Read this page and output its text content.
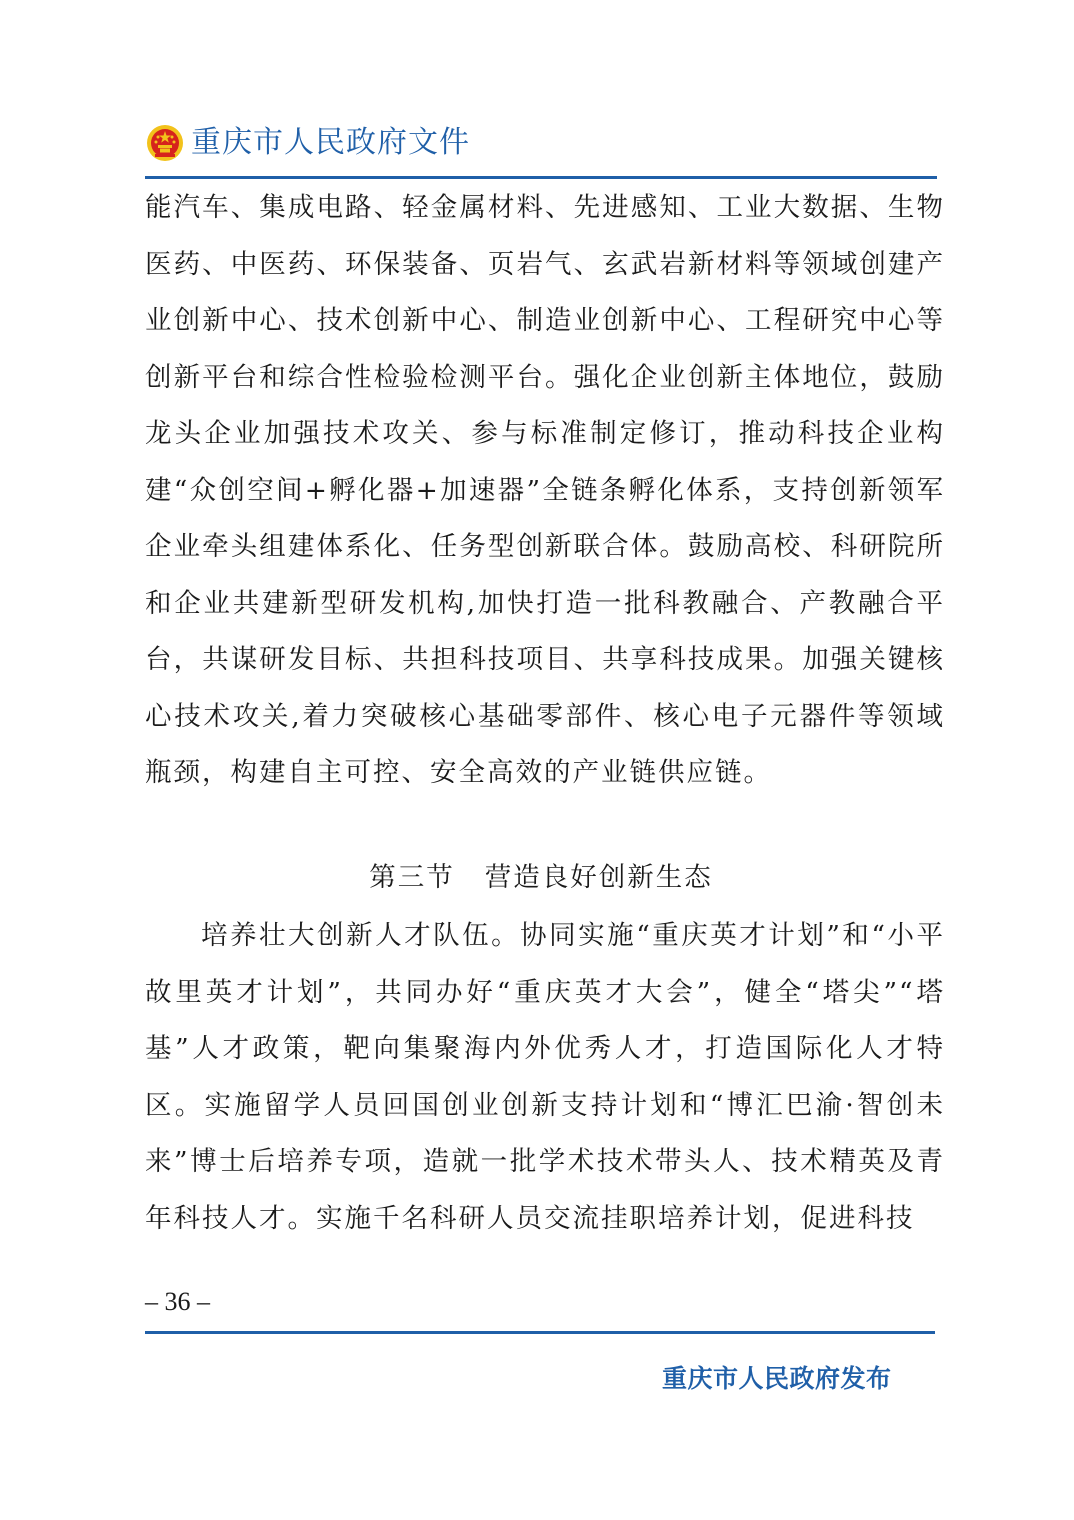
重庆市人民政府文件
能汽车、集成电路、轻金属材料、先进感知、工业大数据、生物医药、中医药、环保装备、页岩气、玄武岩新材料等领域创建产业创新中心、技术创新中心、制造业创新中心、工程研究中心等创新平台和综合性检验检测平台。强化企业创新主体地位，鼓励龙头企业加强技术攻关、参与标准制定修订，推动科技企业构建“众创空间+孵化器+加速器”全链条孵化体系，支持创新领军企业牵头组建体系化、任务型创新联合体。鼓励高校、科研院所和企业共建新型研发机构,加快打造一批科教融合、产教融合平台，共谋研发目标、共担科技项目、共享科技成果。加强关键核心技术攻关,着力突破核心基础零部件、核心电子元器件等领域瓶颈，构建自主可控、安全高效的产业链供应链。
第三节 营造良好创新生态
培养壮大创新人才队伍。协同实施“重庆英才计划”和“小平故里英才计划”，共同办好“重庆英才大会”，健全“塔尖”“塔基”人才政策，靶向集聚海内外优秀人才，打造国际化人才特区。实施留学人员回国创业创新支持计划和“博汇巴渝·智创未来”博士后培养专项，造就一批学术技术带头人、技术精英及青年科技人才。实施千名科研人员交流挂职培养计划，促进科技
– 36 –
重庆市人民政府发布
